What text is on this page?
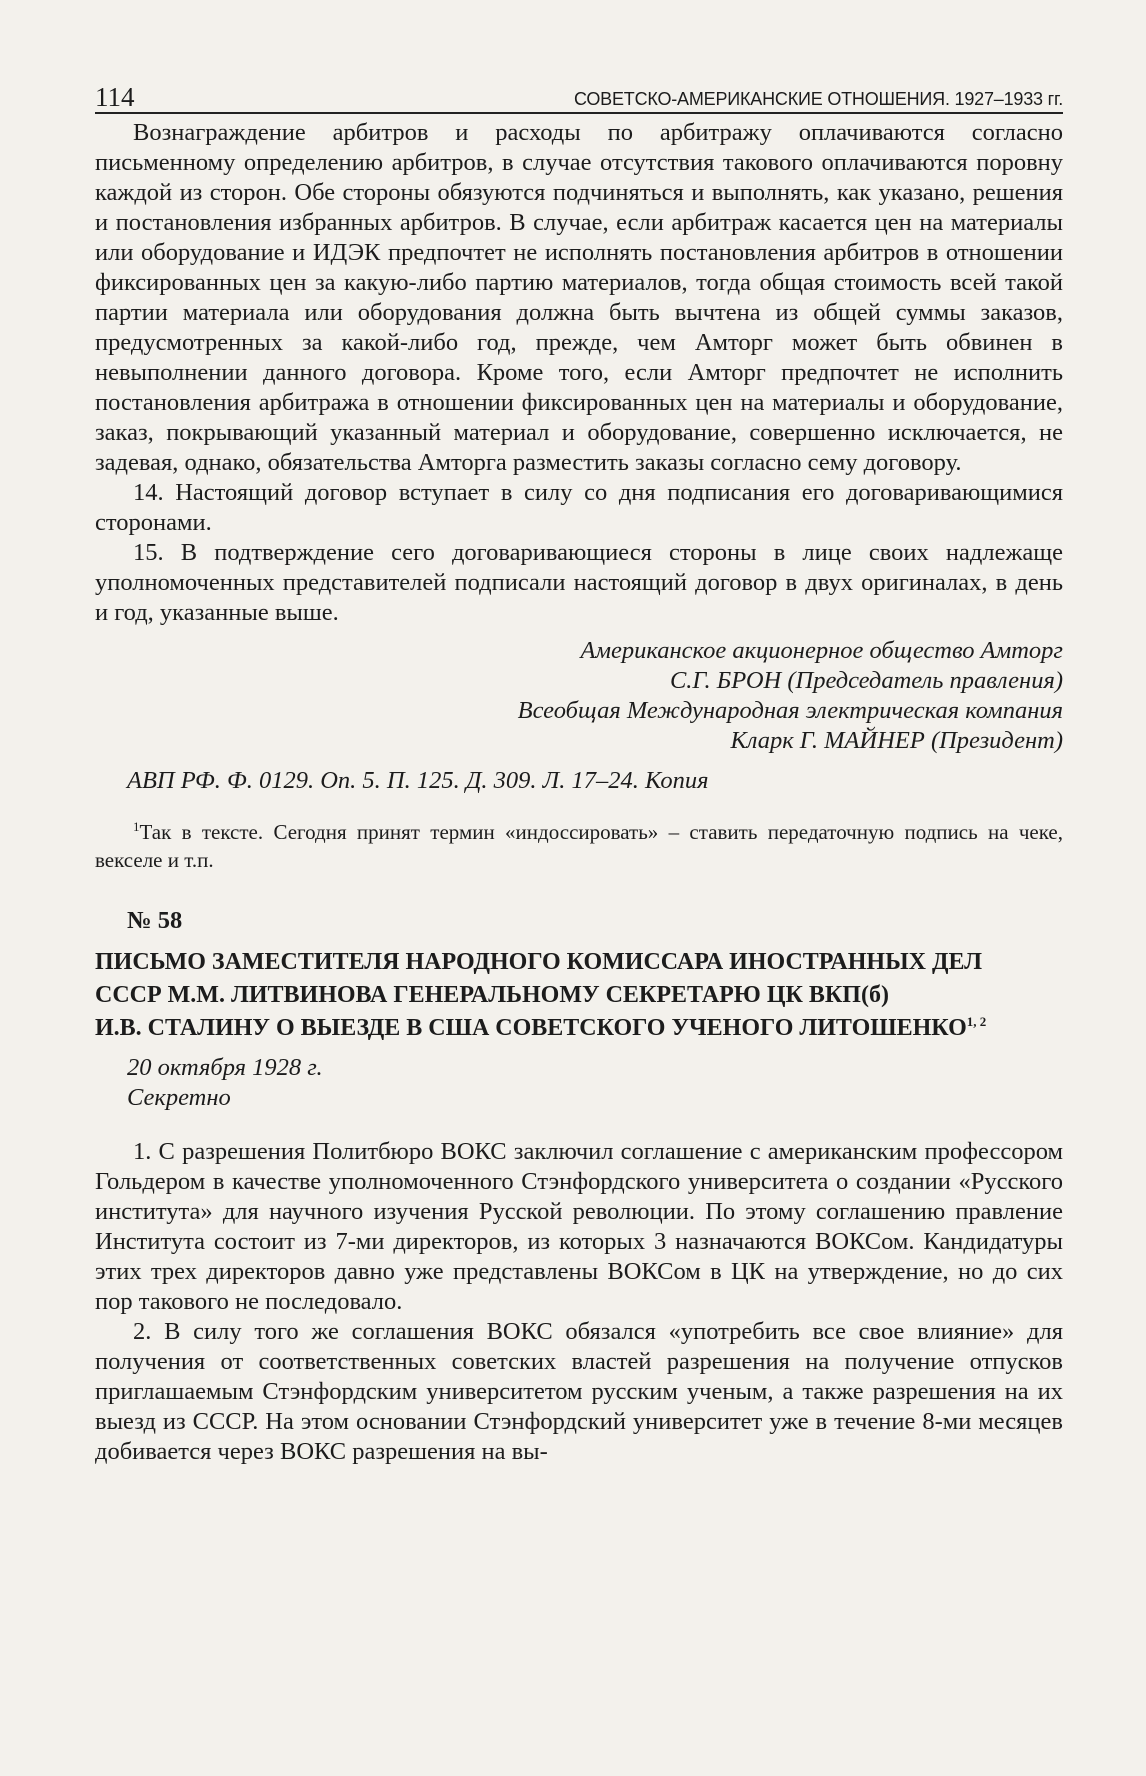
114	СОВЕТСКО-АМЕРИКАНСКИЕ ОТНОШЕНИЯ. 1927–1933 гг.

Вознаграждение арбитров и расходы по арбитражу оплачиваются согласно письменному определению арбитров, в случае отсутствия такового оплачиваются поровну каждой из сторон. Обе стороны обязуются подчиняться и выполнять, как указано, решения и постановления избранных арбитров. В случае, если арбитраж касается цен на материалы или оборудование и ИДЭК предпочтет не исполнять постановления арбитров в отношении фиксированных цен за какую-либо партию материалов, тогда общая стоимость всей такой партии материала или оборудования должна быть вычтена из общей суммы заказов, предусмотренных за какой-либо год, прежде, чем Амторг может быть обвинен в невыполнении данного договора. Кроме того, если Амторг предпочтет не исполнить постановления арбитража в отношении фиксированных цен на материалы и оборудование, заказ, покрывающий указанный материал и оборудование, совершенно исключается, не задевая, однако, обязательства Амторга разместить заказы согласно сему договору.

14. Настоящий договор вступает в силу со дня подписания его договаривающимися сторонами.

15. В подтверждение сего договаривающиеся стороны в лице своих надлежаще уполномоченных представителей подписали настоящий договор в двух оригиналах, в день и год, указанные выше.

Американское акционерное общество Амторг
С.Г. БРОН (Председатель правления)
Всеобщая Международная электрическая компания
Кларк Г. МАЙНЕР (Президент)
АВП РФ. Ф. 0129. Оп. 5. П. 125. Д. 309. Л. 17–24. Копия

$^1$Так в тексте. Сегодня принят термин «индоссировать» – ставить передаточную подпись на чеке, векселе и т.п.

№ 58
ПИСЬМО ЗАМЕСТИТЕЛЯ НАРОДНОГО КОМИССАРА ИНОСТРАННЫХ ДЕЛ
СССР М.М. ЛИТВИНОВА ГЕНЕРАЛЬНОМУ СЕКРЕТАРЮ ЦК ВКП(б)
И.В. СТАЛИНУ О ВЫЕЗДЕ В США СОВЕТСКОГО УЧЕНОГО ЛИТОШЕНКО$^{1, 2}$
20 октября 1928 г.
Секретно

1. С разрешения Политбюро ВОКС заключил соглашение с американским профессором Гольдером в качестве уполномоченного Стэнфордского университета о создании «Русского института» для научного изучения Русской революции. По этому соглашению правление Института состоит из 7-ми директоров, из которых 3 назначаются ВОКСом. Кандидатуры этих трех директоров давно уже представлены ВОКСом в ЦК на утверждение, но до сих пор такового не последовало.

2. В силу того же соглашения ВОКС обязался «употребить все свое влияние» для получения от соответственных советских властей разрешения на получение отпусков приглашаемым Стэнфордским университетом русским ученым, а также разрешения на их выезд из СССР. На этом основании Стэнфордский университет уже в течение 8-ми месяцев добивается через ВОКС разрешения на вы-
